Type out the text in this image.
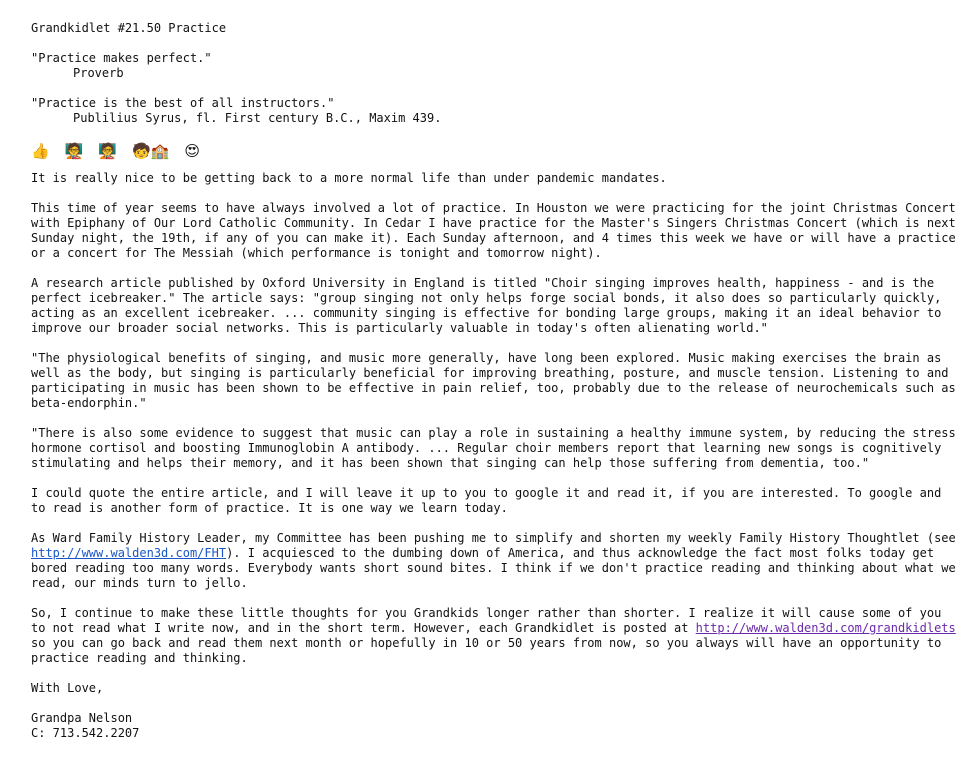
Grandkidlet #21.50 Practice
"Practice makes perfect."
Proverb
"Practice is the best of all instructors."
Publilius Syrus, fl. First century B.C., Maxim 439.
👍 🧑‍🏫 🧑‍🏫 🧒🏫 😍

It is really nice to be getting back to a more normal life than under pandemic mandates.

This time of year seems to have always involved a lot of practice. In Houston we were practicing for the joint Christmas Concert with Epiphany of Our Lord Catholic Community. In Cedar I have practice for the Master's Singers Christmas Concert (which is next Sunday night, the 19th, if any of you can make it). Each Sunday afternoon, and 4 times this week we have or will have a practice or a concert for The Messiah (which performance is tonight and tomorrow night).

A research article published by Oxford University in England is titled "Choir singing improves health, happiness - and is the perfect icebreaker." The article says: "group singing not only helps forge social bonds, it also does so particularly quickly, acting as an excellent icebreaker. ... community singing is effective for bonding large groups, making it an ideal behavior to improve our broader social networks. This is particularly valuable in today's often alienating world."

"The physiological benefits of singing, and music more generally, have long been explored. Music making exercises the brain as well as the body, but singing is particularly beneficial for improving breathing, posture, and muscle tension. Listening to and participating in music has been shown to be effective in pain relief, too, probably due to the release of neurochemicals such as beta-endorphin."

"There is also some evidence to suggest that music can play a role in sustaining a healthy immune system, by reducing the stress hormone cortisol and boosting Immunoglobin A antibody. ... Regular choir members report that learning new songs is cognitively stimulating and helps their memory, and it has been shown that singing can help those suffering from dementia, too."

I could quote the entire article, and I will leave it up to you to google it and read it, if you are interested. To google and to read is another form of practice. It is one way we learn today.

As Ward Family History Leader, my Committee has been pushing me to simplify and shorten my weekly Family History Thoughtlet (see http://www.walden3d.com/FHT). I acquiesced to the dumbing down of America, and thus acknowledge the fact most folks today get bored reading too many words. Everybody wants short sound bites. I think if we don't practice reading and thinking about what we read, our minds turn to jello.

So, I continue to make these little thoughts for you Grandkids longer rather than shorter. I realize it will cause some of you to not read what I write now, and in the short term. However, each Grandkidlet is posted at http://www.walden3d.com/grandkidlets so you can go back and read them next month or hopefully in 10 or 50 years from now, so you always will have an opportunity to practice reading and thinking.

With Love,

Grandpa Nelson

C: 713.542.2207
